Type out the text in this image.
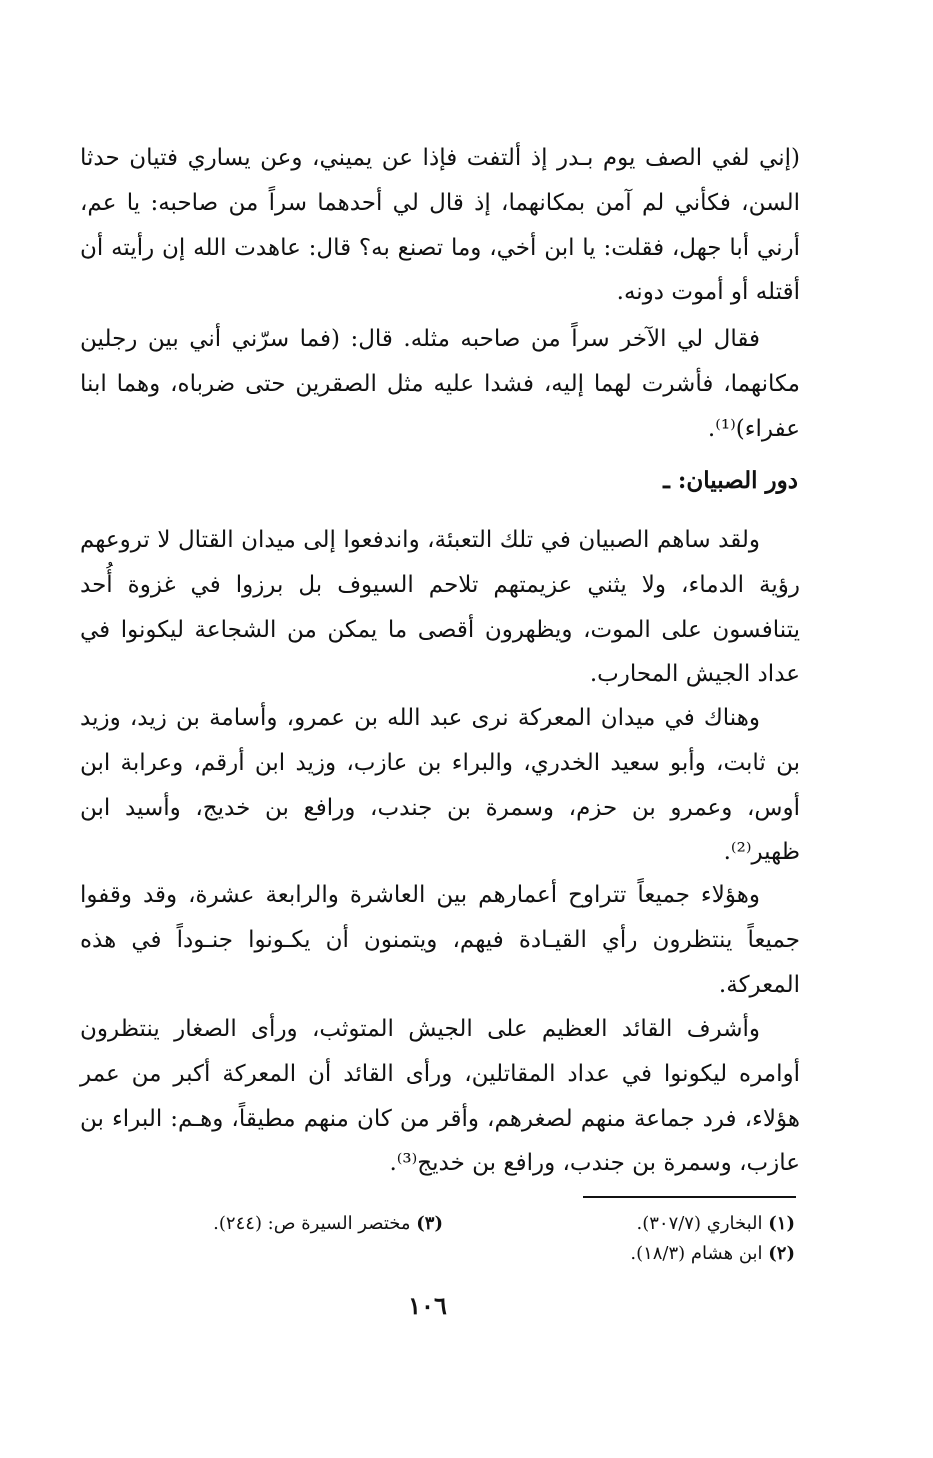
(إني لفي الصف يوم بـدر إذ ألتفت فإذا عن يميني، وعن يساري فتيان حدثا السن، فكأني لم آمن بمكانهما، إذ قال لي أحدهما سراً من صاحبه: يا عم، أرني أبا جهل، فقلت: يا ابن أخي، وما تصنع به؟ قال: عاهدت الله إن رأيته أن أقتله أو أموت دونه.

فقال لي الآخر سراً من صاحبه مثله. قال: (فما سرّني أني بين رجلين مكانهما، فأشرت لهما إليه، فشدا عليه مثل الصقرين حتى ضرباه، وهما ابنا عفراء)⁽¹⁾.

دور الصبيان: ـ

ولقد ساهم الصبيان في تلك التعبئة، واندفعوا إلى ميدان القتال لا تروعهم رؤية الدماء، ولا يثني عزيمتهم تلاحم السيوف بل برزوا في غزوة أُحد يتنافسون على الموت، ويظهرون أقصى ما يمكن من الشجاعة ليكونوا في عداد الجيش المحارب.

وهناك في ميدان المعركة نرى عبد الله بن عمرو، وأسامة بن زيد، وزيد بن ثابت، وأبو سعيد الخدري، والبراء بن عازب، وزيد ابن أرقم، وعرابة ابن أوس، وعمرو بن حزم، وسمرة بن جندب، ورافع بن خديج، وأسيد ابن ظهير⁽²⁾.

وهؤلاء جميعاً تتراوح أعمارهم بين العاشرة والرابعة عشرة، وقد وقفوا جميعاً ينتظرون رأي القيـادة فيهم، ويتمنون أن يكـونوا جنـوداً في هذه المعركة.

وأشرف القائد العظيم على الجيش المتوثب، ورأى الصغار ينتظرون أوامره ليكونوا في عداد المقاتلين، ورأى القائد أن المعركة أكبر من عمر هؤلاء، فرد جماعة منهم لصغرهم، وأقر من كان منهم مطيقاً، وهـم: البراء بن عازب، وسمرة بن جندب، ورافع بن خديج⁽³⁾.

(١) البخاري (٣٠٧/٧).

(٢) ابن هشام (١٨/٣).

(٣) مختصر السيرة ص: (٢٤٤).

١٠٦
